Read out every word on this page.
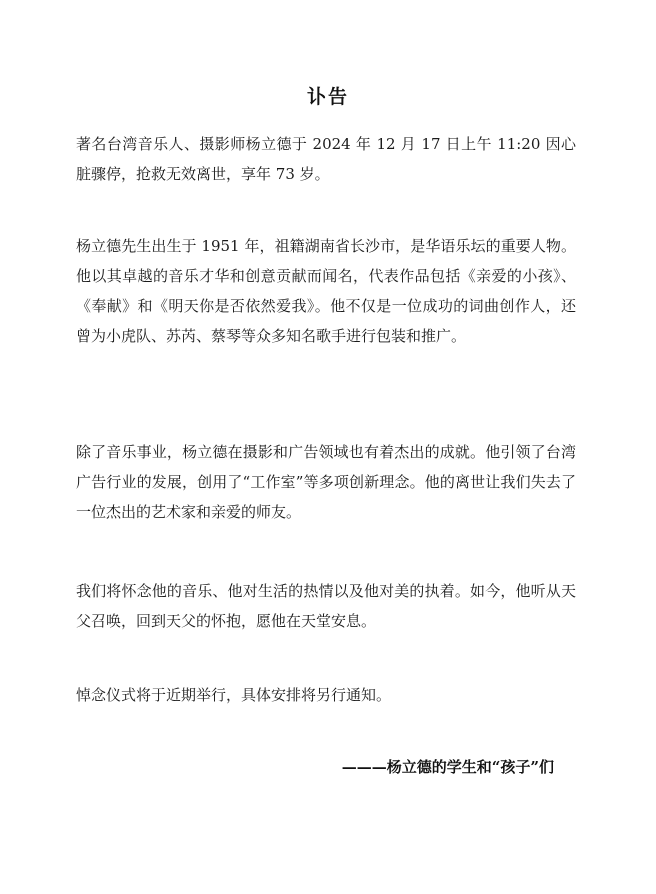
讣告

著名台湾音乐人、摄影师杨立德于 2024 年 12 月 17 日上午 11:20 因心脏骤停，抢救无效离世，享年 73 岁。

杨立德先生出生于 1951 年，祖籍湖南省长沙市，是华语乐坛的重要人物。他以其卓越的音乐才华和创意贡献而闻名，代表作品包括《亲爱的小孩》、《奉献》和《明天你是否依然爱我》。他不仅是一位成功的词曲创作人，还曾为小虎队、苏芮、蔡琴等众多知名歌手进行包装和推广。

除了音乐事业，杨立德在摄影和广告领域也有着杰出的成就。他引领了台湾广告行业的发展，创用了“工作室”等多项创新理念。他的离世让我们失去了一位杰出的艺术家和亲爱的师友。

我们将怀念他的音乐、他对生活的热情以及他对美的执着。如今，他听从天父召唤，回到天父的怀抱，愿他在天堂安息。

悼念仪式将于近期举行，具体安排将另行通知。

———杨立德的学生和“孩子”们
